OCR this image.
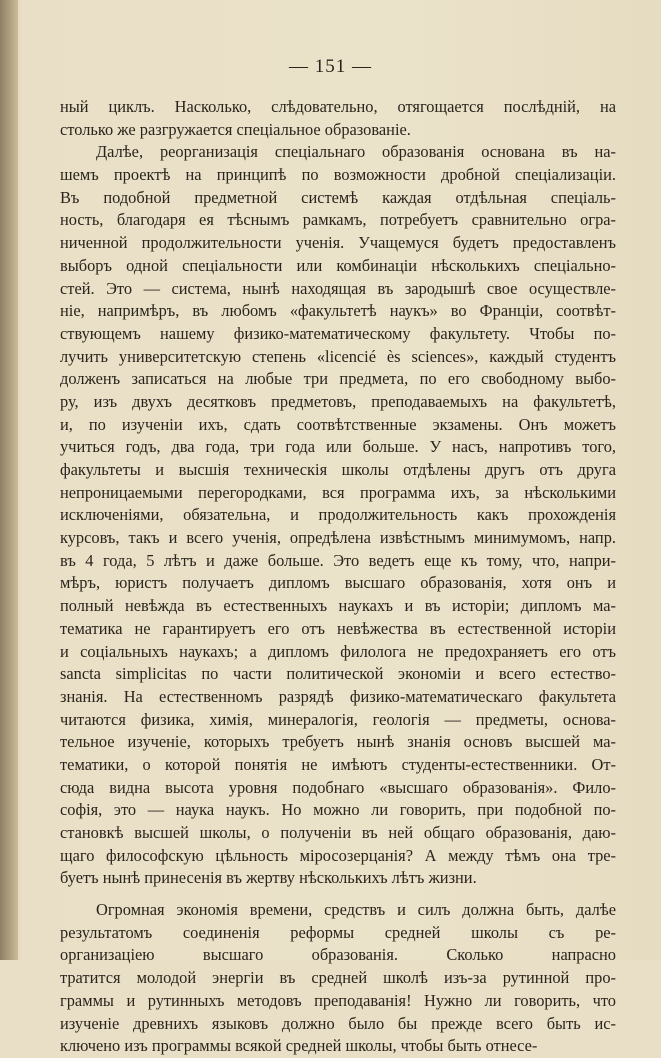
— 151 —
ный циклъ. Насколько, слѣдовательно, отягощается послѣдній, на
столько же разгружается спеціальное образованіе.
Далѣе, реорганизація спеціальнаго образованія основана въ на-
шемъ проектѣ на принципѣ по возможности дробной спеціализаціи.
Въ подобной предметной системѣ каждая отдѣльная спеціаль-
ность, благодаря ея тѣснымъ рамкамъ, потребуетъ сравнительно огра-
ниченной продолжительности ученія. Учащемуся будетъ предоставленъ
выборъ одной спеціальности или комбинаціи нѣсколькихъ спеціально-
стей. Это — система, нынѣ находящая въ зародышѣ свое осуществле-
ніе, напримѣръ, въ любомъ «факультетѣ наукъ» во Франціи, соотвѣт-
ствующемъ нашему физико-математическому факультету. Чтобы по-
лучить университетскую степень «licencié ès sciences», каждый студентъ
долженъ записаться на любые три предмета, по его свободному выбо-
ру, изъ двухъ десятковъ предметовъ, преподаваемыхъ на факультетѣ,
и, по изученіи ихъ, сдать соотвѣтственные экзамены. Онъ можетъ
учиться годъ, два года, три года или больше. У насъ, напротивъ того,
факультеты и высшія техническія школы отдѣлены другъ отъ друга
непроницаемыми перегородками, вся программа ихъ, за нѣсколькими
исключеніями, обязательна, и продолжительность какъ прохожденія
курсовъ, такъ и всего ученія, опредѣлена извѣстнымъ минимумомъ, напр.
въ 4 года, 5 лѣтъ и даже больше. Это ведетъ еще къ тому, что, напри-
мѣръ, юристъ получаетъ дипломъ высшаго образованія, хотя онъ и
полный невѣжда въ естественныхъ наукахъ и въ исторіи; дипломъ ма-
тематика не гарантируетъ его отъ невѣжества въ естественной исторіи
и соціальныхъ наукахъ; а дипломъ филолога не предохраняетъ его отъ
sancta simplicitas по части политической экономіи и всего естество-
знанія. На естественномъ разрядѣ физико-математическаго факультета
читаются физика, химія, минералогія, геологія — предметы, основа-
тельное изученіе, которыхъ требуетъ нынѣ знанія основъ высшей ма-
тематики, о которой понятія не имѣютъ студенты-естественники. От-
сюда видна высота уровня подобнаго «высшаго образованія». Фило-
софія, это — наука наукъ. Но можно ли говорить, при подобной по-
становкѣ высшей школы, о полученіи въ ней общаго образованія, даю-
щаго философскую цѣльность міросозерцанія? А между тѣмъ она тре-
буетъ нынѣ принесенія въ жертву нѣсколькихъ лѣтъ жизни.
Огромная экономія времени, средствъ и силъ должна быть, далѣе
результатомъ соединенія реформы средней школы съ ре-
организаціею высшаго образованія. Сколько напрасно
тратится молодой энергіи въ средней школѣ изъ-за рутинной про-
граммы и рутинныхъ методовъ преподаванія! Нужно ли говорить, что
изученіе древнихъ языковъ должно было бы прежде всего быть ис-
ключено изъ программы всякой средней школы, чтобы быть отнесе-
